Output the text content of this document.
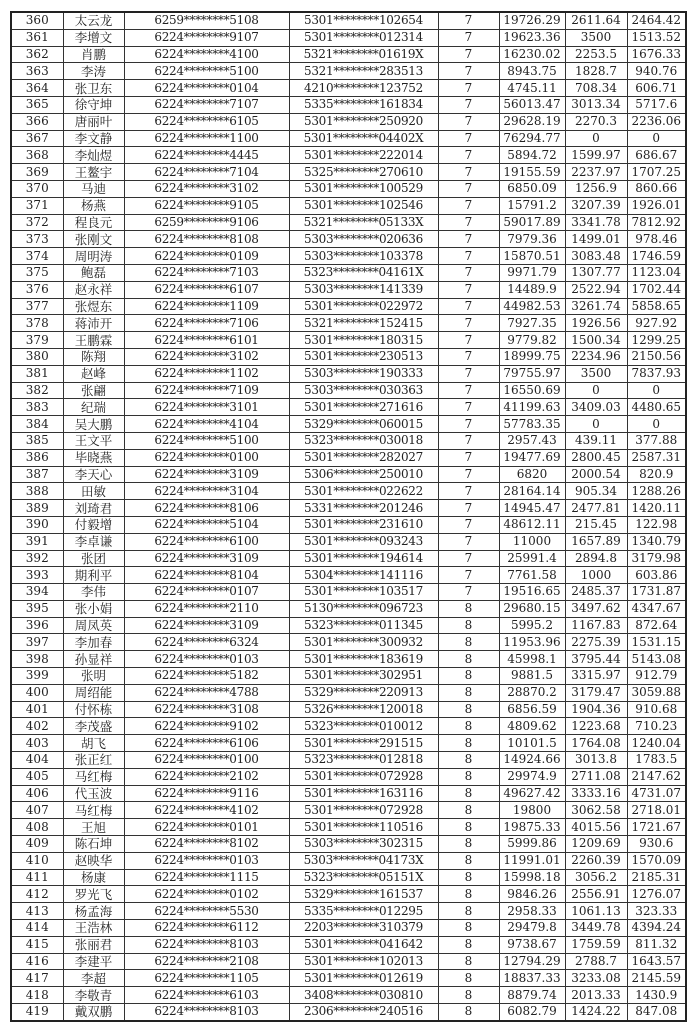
360	太云龙	6259********5108	5301********102654	7	19726.29	2611.64	2464.42
361	李增文	6224********9107	5301********012314	7	19623.36	3500	1513.52
362	肖鹏	6224********4100	5321********01619X	7	16230.02	2253.5	1676.33
363	李涛	6224********5100	5321********283513	7	8943.75	1828.7	940.76
364	张卫东	6224********0104	4210********123752	7	4745.11	708.34	606.71
365	徐守坤	6224********7107	5335********161834	7	56013.47	3013.34	5717.6
366	唐丽叶	6224********6105	5301********250920	7	29628.19	2270.3	2236.06
367	李文静	6224********1100	5301********04402X	7	76294.77	0	0
368	李灿煜	6224********4445	5301********222014	7	5894.72	1599.97	686.67
369	王鳌宇	6224********7104	5325********270610	7	19155.59	2237.97	1707.25
370	马迪	6224********3102	5301********100529	7	6850.09	1256.9	860.66
371	杨燕	6224********9105	5301********102546	7	15791.2	3207.39	1926.01
372	程良元	6259********9106	5321********05133X	7	59017.89	3341.78	7812.92
373	张刚文	6224********8108	5303********020636	7	7979.36	1499.01	978.46
374	周明涛	6224********0109	5303********103378	7	15870.51	3083.48	1746.59
375	鲍磊	6224********7103	5323********04161X	7	9971.79	1307.77	1123.04
376	赵永祥	6224********6107	5303********141339	7	14489.9	2522.94	1702.44
377	张煜东	6224********1109	5301********022972	7	44982.53	3261.74	5858.65
378	蒋沛开	6224********7106	5321********152415	7	7927.35	1926.56	927.92
379	王鹏霖	6224********6101	5301********180315	7	9779.82	1500.34	1299.25
380	陈翔	6224********3102	5301********230513	7	18999.75	2234.96	2150.56
381	赵峰	6224********1102	5303********190333	7	79755.97	3500	7837.93
382	张翩	6224********7109	5303********030363	7	16550.69	0	0
383	纪瑞	6224********3101	5301********271616	7	41199.63	3409.03	4480.65
384	吴大鹏	6224********4104	5329********060015	7	57783.35	0	0
385	王文平	6224********5100	5323********030018	7	2957.43	439.11	377.88
386	毕晓燕	6224********0100	5301********282027	7	19477.69	2800.45	2587.31
387	李天心	6224********3109	5306********250010	7	6820	2000.54	820.9
388	田敏	6224********3104	5301********022622	7	28164.14	905.34	1288.26
389	刘琦君	6224********8106	5331********201246	7	14945.47	2477.81	1420.11
390	付毅增	6224********5104	5301********231610	7	48612.11	215.45	122.98
391	李卓谦	6224********6100	5301********093243	7	11000	1657.89	1340.79
392	张团	6224********3109	5301********194614	7	25991.4	2894.8	3179.98
393	期利平	6224********8104	5304********141116	7	7761.58	1000	603.86
394	李伟	6224********0107	5301********103517	7	19516.65	2485.37	1731.87
395	张小娟	6224********2110	5130********096723	8	29680.15	3497.62	4347.67
396	周凤英	6224********3109	5323********011345	8	5995.2	1167.83	872.64
397	李加春	6224********6324	5301********300932	8	11953.96	2275.39	1531.15
398	孙显祥	6224********0103	5301********183619	8	45998.1	3795.44	5143.08
399	张明	6224********5182	5301********302951	8	9881.5	3315.97	912.79
400	周绍能	6224********4788	5329********220913	8	28870.2	3179.47	3059.88
401	付怀栋	6224********3108	5326********120018	8	6856.59	1904.36	910.68
402	李茂盛	6224********9102	5323********010012	8	4809.62	1223.68	710.23
403	胡飞	6224********6106	5301********291515	8	10101.5	1764.08	1240.04
404	张正红	6224********0100	5323********012818	8	14924.66	3013.8	1783.5
405	马红梅	6224********2102	5301********072928	8	29974.9	2711.08	2147.62
406	代玉波	6224********9116	5301********163116	8	49627.42	3333.16	4731.07
407	马红梅	6224********4102	5301********072928	8	19800	3062.58	2718.01
408	王旭	6224********0101	5301********110516	8	19875.33	4015.56	1721.67
409	陈石坤	6224********8102	5303********302315	8	5999.86	1209.69	930.6
410	赵映华	6224********0103	5303********04173X	8	11991.01	2260.39	1570.09
411	杨康	6224********1115	5323********05151X	8	15998.18	3056.2	2185.31
412	罗光飞	6224********0102	5329********161537	8	9846.26	2556.91	1276.07
413	杨孟海	6224********5530	5335********012295	8	2958.33	1061.13	323.33
414	王浩林	6224********6112	2203********310379	8	29479.8	3449.78	4394.24
415	张丽君	6224********8103	5301********041642	8	9738.67	1759.59	811.32
416	李建平	6224********2108	5301********102013	8	12794.29	2788.7	1643.57
417	李超	6224********1105	5301********012619	8	18837.33	3233.08	2145.59
418	李敬青	6224********6103	3408********030810	8	8879.74	2013.33	1430.9
419	戴双鹏	6224********8103	2306********240516	8	6082.79	1424.22	847.08
